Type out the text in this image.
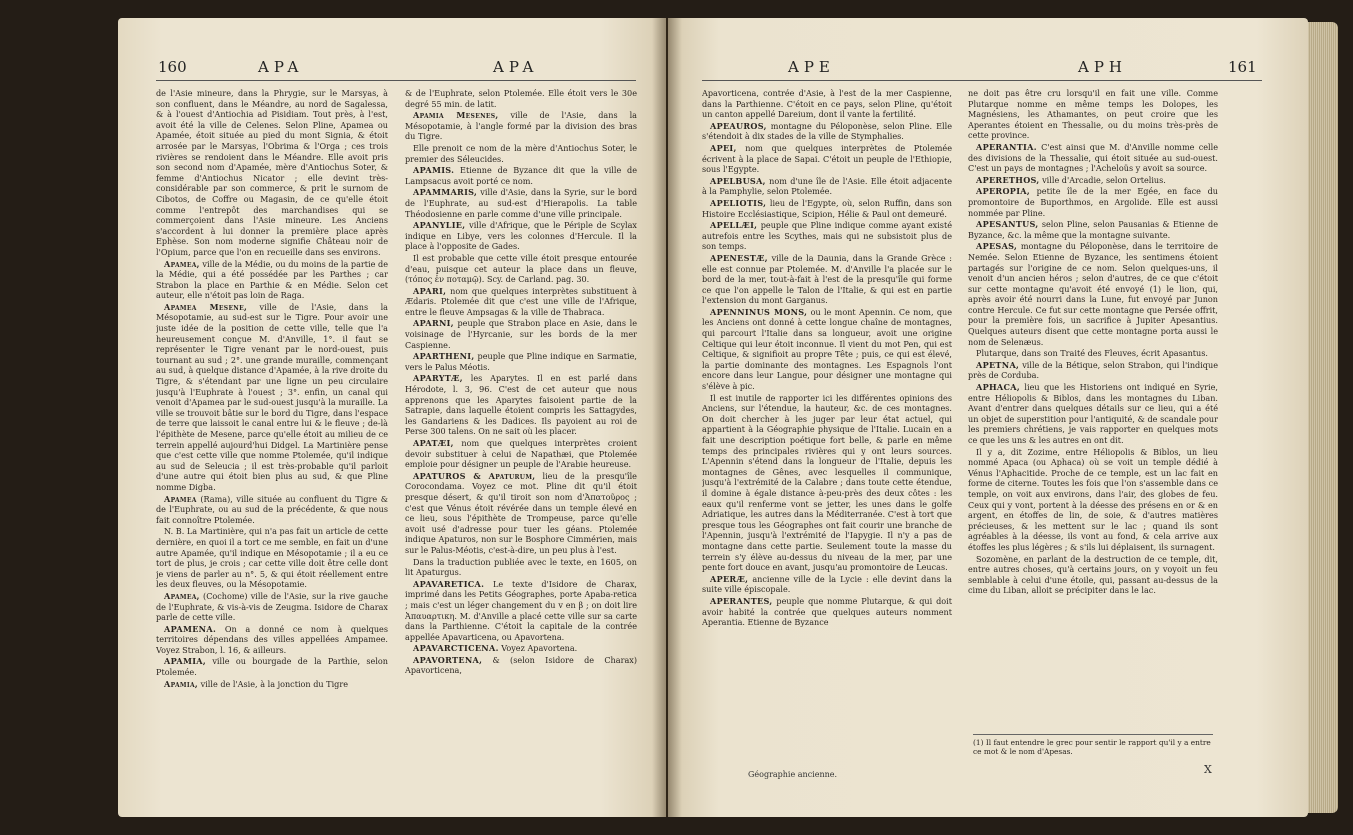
160	APA	APA

de l'Asie mineure, dans la Phrygie, sur le Marsyas, à son confluent, dans le Méandre, au nord de Sagalessa, & à l'ouest d'Antiochia ad Pisidiam. Tout près, à l'est, avoit été la ville de Celenes. Selon Pline, Apamea ou Apamée, étoit située au pied du mont Signia, & étoit arrosée par le Marsyas, l'Obrima & l'Orga ; ces trois rivières se rendoient dans le Méandre. Elle avoit pris son second nom d'Apamée, mère d'Antiochus Soter, & femme d'Antiochus Nicator ; elle devint très-considérable par son commerce, & prit le surnom de Cibotos, de Coffre ou Magasin, de ce qu'elle étoit comme l'entrepôt des marchandises qui se commerçoient dans l'Asie mineure. Les Anciens s'accordent à lui donner la première place après Ephèse. Son nom moderne signifie Château noir de l'Opium, parce que l'on en recueille dans ses environs.

Apamea, ville de la Médie, ou du moins de la partie de la Médie, qui a été possédée par les Parthes ; car Strabon la place en Parthie & en Médie. Selon cet auteur, elle n'étoit pas loin de Raga.

Apamea Mesene, ville de l'Asie, dans la Mésopotamie, au sud-est sur le Tigre. Pour avoir une juste idée de la position de cette ville, telle que l'a heureusement conçue M. d'Anville, 1°. il faut se représenter le Tigre venant par le nord-ouest, puis tournant au sud ; 2°. une grande muraille, commençant au sud, à quelque distance d'Apamée, à la rive droite du Tigre, & s'étendant par une ligne un peu circulaire jusqu'à l'Euphrate à l'ouest ; 3°. enfin, un canal qui venoit d'Apamea par le sud-ouest jusqu'à la muraille. La ville se trouvoit bâtie sur le bord du Tigre, dans l'espace de terre que laissoit le canal entre lui & le fleuve ; de-là l'épithète de Mesene, parce qu'elle étoit au milieu de ce terrein appellé aujourd'hui Didgel. La Martinière pense que c'est cette ville que nomme Ptolemée, qu'il indique au sud de Seleucia ; il est très-probable qu'il parloit d'une autre qui étoit bien plus au sud, & que Pline nomme Digba.

Apamea (Rama), ville située au confluent du Tigre & de l'Euphrate, ou au sud de la précédente, & que nous fait connoître Ptolemée.

N. B. La Martinière, qui n'a pas fait un article de cette dernière, en quoi il a tort ce me semble, en fait un d'une autre Apamée, qu'il indique en Mésopotamie ; il a eu ce tort de plus, je crois ; car cette ville doit être celle dont je viens de parler au n°. 5, & qui étoit réellement entre les deux fleuves, ou la Mésopotamie.

Apamea, (Cochome) ville de l'Asie, sur la rive gauche de l'Euphrate, & vis-à-vis de Zeugma. Isidore de Charax parle de cette ville.

APAMENA. On a donné ce nom à quelques territoires dépendans des villes appellées Ampamee. Voyez Strabon, l. 16, & ailleurs.

APAMIA, ville ou bourgade de la Parthie, selon Ptolemée.

Apamia, ville de l'Asie, à la jonction du Tigre

& de l'Euphrate, selon Ptolemée. Elle étoit vers le 30e degré 55 min. de latit.

Apamia Mesenes, ville de l'Asie, dans la Mésopotamie, à l'angle formé par la division des bras du Tigre.

Elle prenoit ce nom de la mère d'Antiochus Soter, le premier des Séleucides.

APAMIS. Etienne de Byzance dit que la ville de Lampsacus avoit porté ce nom.

APAMMARIS, ville d'Asie, dans la Syrie, sur le bord de l'Euphrate, au sud-est d'Hierapolis. La table Théodosienne en parle comme d'une ville principale.

APANYLIE, ville d'Afrique, que le Périple de Scylax indique en Libye, vers les colonnes d'Hercule. Il la place à l'opposite de Gades.

Il est probable que cette ville étoit presque entourée d'eau, puisque cet auteur la place dans un fleuve, (τόπος ἐν ποταμῷ). Scy. de Carland. pag. 30.

APARI, nom que quelques interprètes substituent à Ædaris. Ptolemée dit que c'est une ville de l'Afrique, entre le fleuve Ampsagas & la ville de Thabraca.

APARNI, peuple que Strabon place en Asie, dans le voisinage de l'Hyrcanie, sur les bords de la mer Caspienne.

APARTHENI, peuple que Pline indique en Sarmatie, vers le Palus Méotis.

APARYTÆ, les Aparytes. Il en est parlé dans Hérodote, l. 3, 96. C'est de cet auteur que nous apprenons que les Aparytes faisoient partie de la Satrapie, dans laquelle étoient compris les Sattagydes, les Gandariens & les Dadices. Ils payoient au roi de Perse 300 talens. On ne sait où les placer.

APATÆI, nom que quelques interprètes croient devoir substituer à celui de Napathæi, que Ptolemée emploie pour désigner un peuple de l'Arabie heureuse.

APATUROS & Apaturum, lieu de la presqu'île Corocondama. Voyez ce mot. Pline dit qu'il étoit presque désert, & qu'il tiroit son nom d'Ἀπατοῦρος ; c'est que Vénus étoit révérée dans un temple élevé en ce lieu, sous l'épithète de Trompeuse, parce qu'elle avoit usé d'adresse pour tuer les géans. Ptolemée indique Apaturos, non sur le Bosphore Cimmérien, mais sur le Palus-Méotis, c'est-à-dire, un peu plus à l'est.

Dans la traduction publiée avec le texte, en 1605, on lit Apaturgus.

APAVARETICA. Le texte d'Isidore de Charax, imprimé dans les Petits Géographes, porte Apaba-retica ; mais c'est un léger changement du v en β ; on doit lire Ἀπαυαρτικη. M. d'Anville a placé cette ville sur sa carte dans la Parthienne. C'étoit la capitale de la contrée appellée Apavarticena, ou Apavortena.

APAVARCTICENA. Voyez Apavortena.

APAVORTENA, & (selon Isidore de Charax) Apavorticena,

APE	APH	161

Apavorticena, contrée d'Asie, à l'est de la mer Caspienne, dans la Parthienne. C'étoit en ce pays, selon Pline, qu'étoit un canton appellé Dareium, dont il vante la fertilité.

APEAUROS, montagne du Péloponèse, selon Pline. Elle s'étendoit à dix stades de la ville de Stymphalies.

APEI, nom que quelques interprètes de Ptolemée écrivent à la place de Sapai. C'étoit un peuple de l'Ethiopie, sous l'Egypte.

APELBUSA, nom d'une île de l'Asie. Elle étoit adjacente à la Pamphylie, selon Ptolemée.

APELIOTIS, lieu de l'Egypte, où, selon Ruffin, dans son Histoire Ecclésiastique, Scipion, Hélie & Paul ont demeuré.

APELLÆI, peuple que Pline indique comme ayant existé autrefois entre les Scythes, mais qui ne subsistoit plus de son temps.

APENESTÆ, ville de la Daunia, dans la Grande Grèce : elle est connue par Ptolemée. M. d'Anville l'a placée sur le bord de la mer, tout-à-fait à l'est de la presqu'île qui forme ce que l'on appelle le Talon de l'Italie, & qui est en partie l'extension du mont Garganus.

APENNINUS MONS, ou le mont Apennin. Ce nom, que les Anciens ont donné à cette longue chaîne de montagnes, qui parcourt l'Italie dans sa longueur, avoit une origine Celtique qui leur étoit inconnue. Il vient du mot Pen, qui est Celtique, & signifioit au propre Tête ; puis, ce qui est élevé, la partie dominante des montagnes. Les Espagnols l'ont encore dans leur Langue, pour désigner une montagne qui s'élève à pic.

Il est inutile de rapporter ici les différentes opinions des Anciens, sur l'étendue, la hauteur, &c. de ces montagnes. On doit chercher à les juger par leur état actuel, qui appartient à la Géographie physique de l'Italie. Lucain en a fait une description poétique fort belle, & parle en même temps des principales rivières qui y ont leurs sources. L'Apennin s'étend dans la longueur de l'Italie, depuis les montagnes de Gênes, avec lesquelles il communique, jusqu'à l'extrémité de la Calabre ; dans toute cette étendue, il domine à égale distance à-peu-près des deux côtes : les eaux qu'il renferme vont se jetter, les unes dans le golfe Adriatique, les autres dans la Méditerranée. C'est à tort que presque tous les Géographes ont fait courir une branche de l'Apennin, jusqu'à l'extrémité de l'Iapygie. Il n'y a pas de montagne dans cette partie. Seulement toute la masse du terrein s'y élève au-dessus du niveau de la mer, par une pente fort douce en avant, jusqu'au promontoire de Leucas.

APERÆ, ancienne ville de la Lycie : elle devint dans la suite ville épiscopale.

APERANTES, peuple que nomme Plutarque, & qui doit avoir habité la contrée que quelques auteurs nomment Aperantia. Etienne de Byzance

Géographie ancienne.

ne doit pas être cru lorsqu'il en fait une ville. Comme Plutarque nomme en même temps les Dolopes, les Magnésiens, les Athamantes, on peut croire que les Aperantes étoient en Thessalie, ou du moins très-près de cette province.

APERANTIA. C'est ainsi que M. d'Anville nomme celle des divisions de la Thessalie, qui étoit située au sud-ouest. C'est un pays de montagnes ; l'Acheloüs y avoit sa source.

APERETHOS, ville d'Arcadie, selon Ortelius.

APEROPIA, petite île de la mer Egée, en face du promontoire de Buporthmos, en Argolide. Elle est aussi nommée par Pline.

APESANTUS, selon Pline, selon Pausanias & Etienne de Byzance, &c. la même que la montagne suivante.

APESAS, montagne du Péloponèse, dans le territoire de Nemée. Selon Etienne de Byzance, les sentimens étoient partagés sur l'origine de ce nom. Selon quelques-uns, il venoit d'un ancien héros ; selon d'autres, de ce que c'étoit sur cette montagne qu'avoit été envoyé (1) le lion, qui, après avoir été nourri dans la Lune, fut envoyé par Junon contre Hercule. Ce fut sur cette montagne que Persée offrit, pour la première fois, un sacrifice à Jupiter Apesantius. Quelques auteurs disent que cette montagne porta aussi le nom de Selenæus.

Plutarque, dans son Traité des Fleuves, écrit Apasantus.

APETNA, ville de la Bétique, selon Strabon, qui l'indique près de Corduba.

APHACA, lieu que les Historiens ont indiqué en Syrie, entre Héliopolis & Biblos, dans les montagnes du Liban. Avant d'entrer dans quelques détails sur ce lieu, qui a été un objet de superstition pour l'antiquité, & de scandale pour les premiers chrétiens, je vais rapporter en quelques mots ce que les uns & les autres en ont dit.

Il y a, dit Zozime, entre Héliopolis & Biblos, un lieu nommé Apaca (ou Aphaca) où se voit un temple dédié à Vénus l'Aphacitide. Proche de ce temple, est un lac fait en forme de citerne. Toutes les fois que l'on s'assemble dans ce temple, on voit aux environs, dans l'air, des globes de feu. Ceux qui y vont, portent à la déesse des présens en or & en argent, en étoffes de lin, de soie, & d'autres matières précieuses, & les mettent sur le lac ; quand ils sont agréables à la déesse, ils vont au fond, & cela arrive aux étoffes les plus légères ; & s'ils lui déplaisent, ils surnagent.

Sozomène, en parlant de la destruction de ce temple, dit, entre autres choses, qu'à certains jours, on y voyoit un feu semblable à celui d'une étoile, qui, passant au-dessus de la cime du Liban, alloit se précipiter dans le lac.

(1) Il faut entendre le grec pour sentir le rapport qu'il y a entre ce mot & le nom d'Apesas.
X
